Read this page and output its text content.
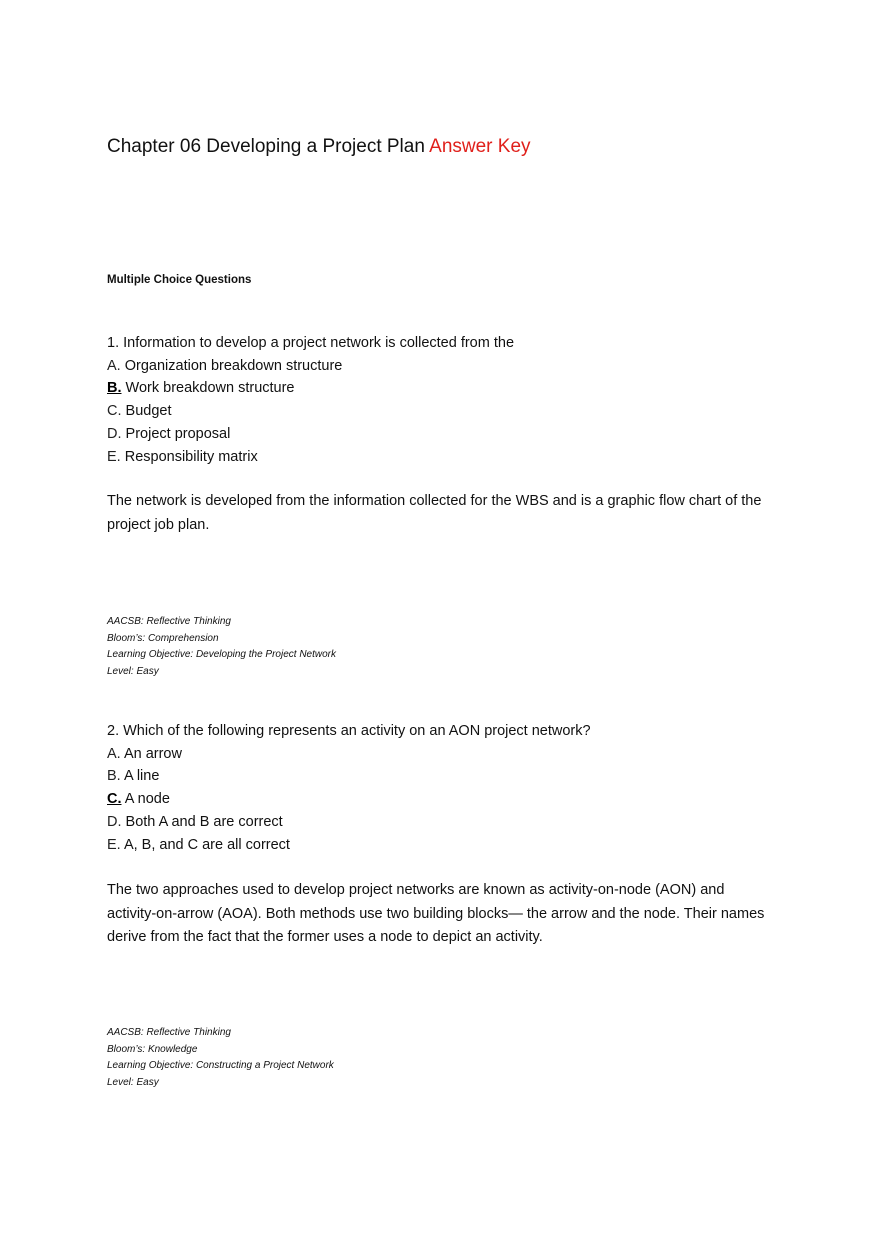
Chapter 06 Developing a Project Plan Answer Key
Multiple Choice Questions

1. Information to develop a project network is collected from the

A. Organization breakdown structure

B. Work breakdown structure

C. Budget

D. Project proposal

E. Responsibility matrix

The network is developed from the information collected for the WBS and is a graphic flow chart of the project job plan.

AACSB: Reflective Thinking
Bloom’s: Comprehension
Learning Objective: Developing the Project Network
Level: Easy

2. Which of the following represents an activity on an AON project network?

A. An arrow

B. A line

C. A node

D. Both A and B are correct

E. A, B, and C are all correct

The two approaches used to develop project networks are known as activity-on-node (AON) and activity-on-arrow (AOA). Both methods use two building blocks— the arrow and the node. Their names derive from the fact that the former uses a node to depict an activity.

AACSB: Reflective Thinking
Bloom’s: Knowledge
Learning Objective: Constructing a Project Network
Level: Easy
